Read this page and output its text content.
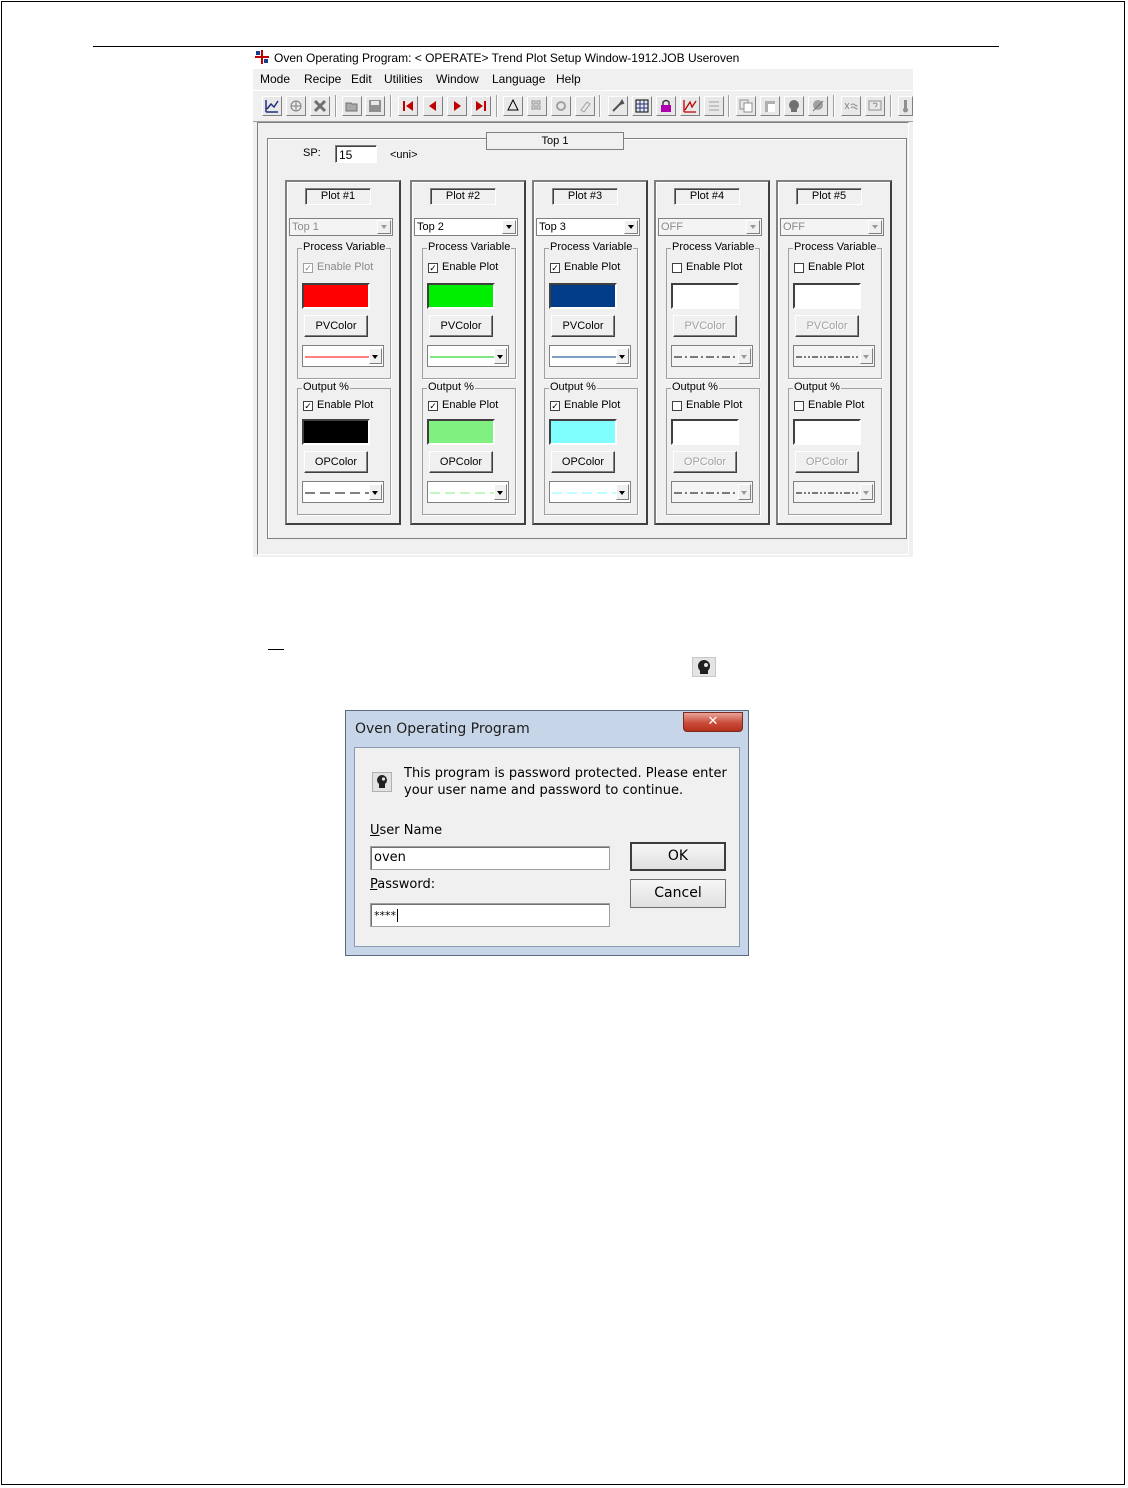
Oven Operating Program: < OPERATE> Trend Plot Setup Window-1912.JOB Useroven
Mode Recipe Edit Utilities Window Language Help
Top 1
SP:	15	<uni>
Plot #1
Top 1
Process Variable
✓ Enable Plot
PVColor
Output %
✓ Enable Plot
OPColor
Plot #2
Top 2
Process Variable
✓ Enable Plot
PVColor
Output %
✓ Enable Plot
OPColor
Plot #3
Top 3
Process Variable
✓ Enable Plot
PVColor
Output %
✓ Enable Plot
OPColor
Plot #4
OFF
Process Variable
Enable Plot
PVColor
Output %
Enable Plot
OPColor
Plot #5
OFF
Process Variable
Enable Plot
PVColor
Output %
Enable Plot
OPColor
Oven Operating Program	✕
This program is password protected. Please enter your user name and password to continue.
User Name
oven
Password:
****
OK
Cancel
